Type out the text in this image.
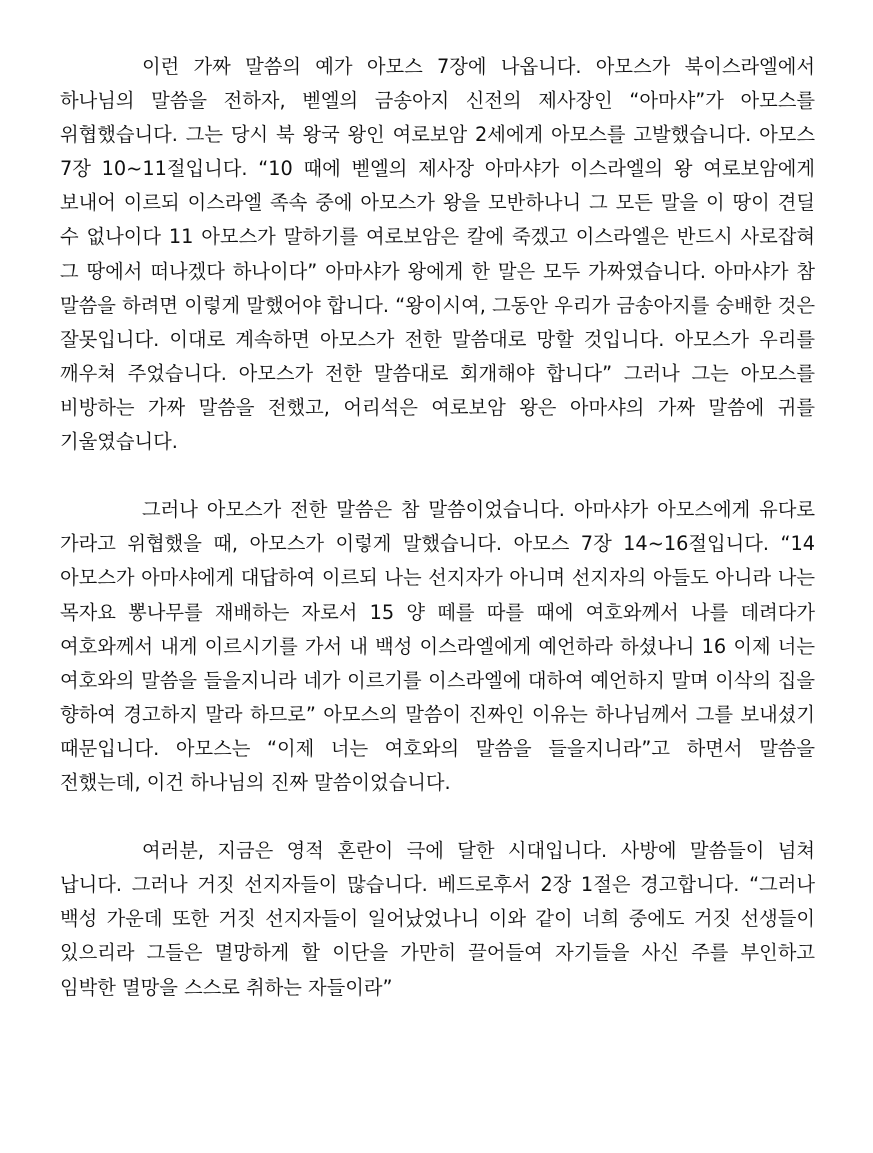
이런 가짜 말씀의 예가 아모스 7장에 나옵니다. 아모스가 북이스라엘에서 하나님의 말씀을 전하자, 벧엘의 금송아지 신전의 제사장인 “아마샤”가 아모스를 위협했습니다. 그는 당시 북 왕국 왕인 여로보암 2세에게 아모스를 고발했습니다. 아모스 7장 10~11절입니다. “10 때에 벧엘의 제사장 아마샤가 이스라엘의 왕 여로보암에게 보내어 이르되 이스라엘 족속 중에 아모스가 왕을 모반하나니 그 모든 말을 이 땅이 견딜 수 없나이다 11 아모스가 말하기를 여로보암은 칼에 죽겠고 이스라엘은 반드시 사로잡혀 그 땅에서 떠나겠다 하나이다” 아마샤가 왕에게 한 말은 모두 가짜였습니다. 아마샤가 참 말씀을 하려면 이렇게 말했어야 합니다. “왕이시여, 그동안 우리가 금송아지를 숭배한 것은 잘못입니다. 이대로 계속하면 아모스가 전한 말씀대로 망할 것입니다. 아모스가 우리를 깨우쳐 주었습니다. 아모스가 전한 말씀대로 회개해야 합니다” 그러나 그는 아모스를 비방하는 가짜 말씀을 전했고, 어리석은 여로보암 왕은 아마샤의 가짜 말씀에 귀를 기울였습니다.

그러나 아모스가 전한 말씀은 참 말씀이었습니다. 아마샤가 아모스에게 유다로 가라고 위협했을 때, 아모스가 이렇게 말했습니다. 아모스 7장 14~16절입니다. “14 아모스가 아마샤에게 대답하여 이르되 나는 선지자가 아니며 선지자의 아들도 아니라 나는 목자요 뽕나무를 재배하는 자로서 15 양 떼를 따를 때에 여호와께서 나를 데려다가 여호와께서 내게 이르시기를 가서 내 백성 이스라엘에게 예언하라 하셨나니 16 이제 너는 여호와의 말씀을 들을지니라 네가 이르기를 이스라엘에 대하여 예언하지 말며 이삭의 집을 향하여 경고하지 말라 하므로” 아모스의 말씀이 진짜인 이유는 하나님께서 그를 보내셨기 때문입니다. 아모스는 “이제 너는 여호와의 말씀을 들을지니라”고 하면서 말씀을 전했는데, 이건 하나님의 진짜 말씀이었습니다.

여러분, 지금은 영적 혼란이 극에 달한 시대입니다. 사방에 말씀들이 넘쳐 납니다. 그러나 거짓 선지자들이 많습니다. 베드로후서 2장 1절은 경고합니다. “그러나 백성 가운데 또한 거짓 선지자들이 일어났었나니 이와 같이 너희 중에도 거짓 선생들이 있으리라 그들은 멸망하게 할 이단을 가만히 끌어들여 자기들을 사신 주를 부인하고 임박한 멸망을 스스로 취하는 자들이라”
